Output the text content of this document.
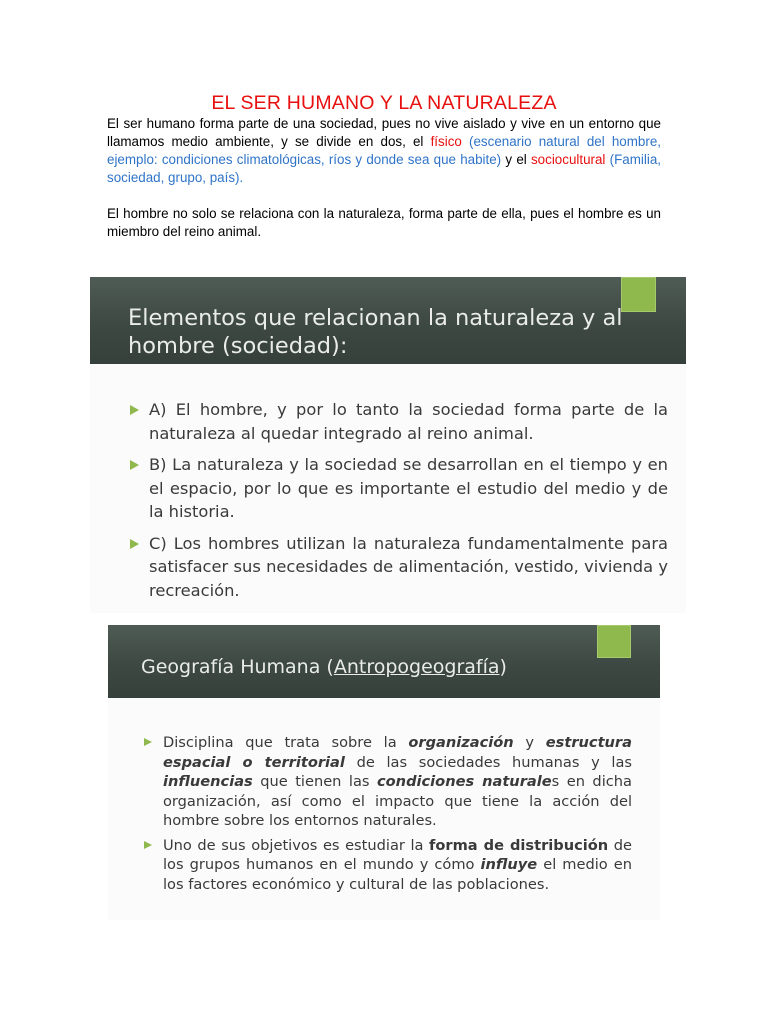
EL SER HUMANO Y LA NATURALEZA

El ser humano forma parte de una sociedad, pues no vive aislado y vive en un entorno que llamamos medio ambiente, y se divide en dos, el físico (escenario natural del hombre, ejemplo: condiciones climatológicas, ríos y donde sea que habite) y el sociocultural (Familia, sociedad, grupo, país).

El hombre no solo se relaciona con la naturaleza, forma parte de ella, pues el hombre es un miembro del reino animal.

Elementos que relacionan la naturaleza y al hombre (sociedad):
A) El hombre, y por lo tanto la sociedad forma parte de la naturaleza al quedar integrado al reino animal.
B) La naturaleza y la sociedad se desarrollan en el tiempo y en el espacio, por lo que es importante el estudio del medio y de la historia.
C) Los hombres utilizan la naturaleza fundamentalmente para satisfacer sus necesidades de alimentación, vestido, vivienda y recreación.
Geografía Humana (Antropogeografía)
Disciplina que trata sobre la organización y estructura espacial o territorial de las sociedades humanas y las influencias que tienen las condiciones naturales en dicha organización, así como el impacto que tiene la acción del hombre sobre los entornos naturales.
Uno de sus objetivos es estudiar la forma de distribución de los grupos humanos en el mundo y cómo influye el medio en los factores económico y cultural de las poblaciones.
